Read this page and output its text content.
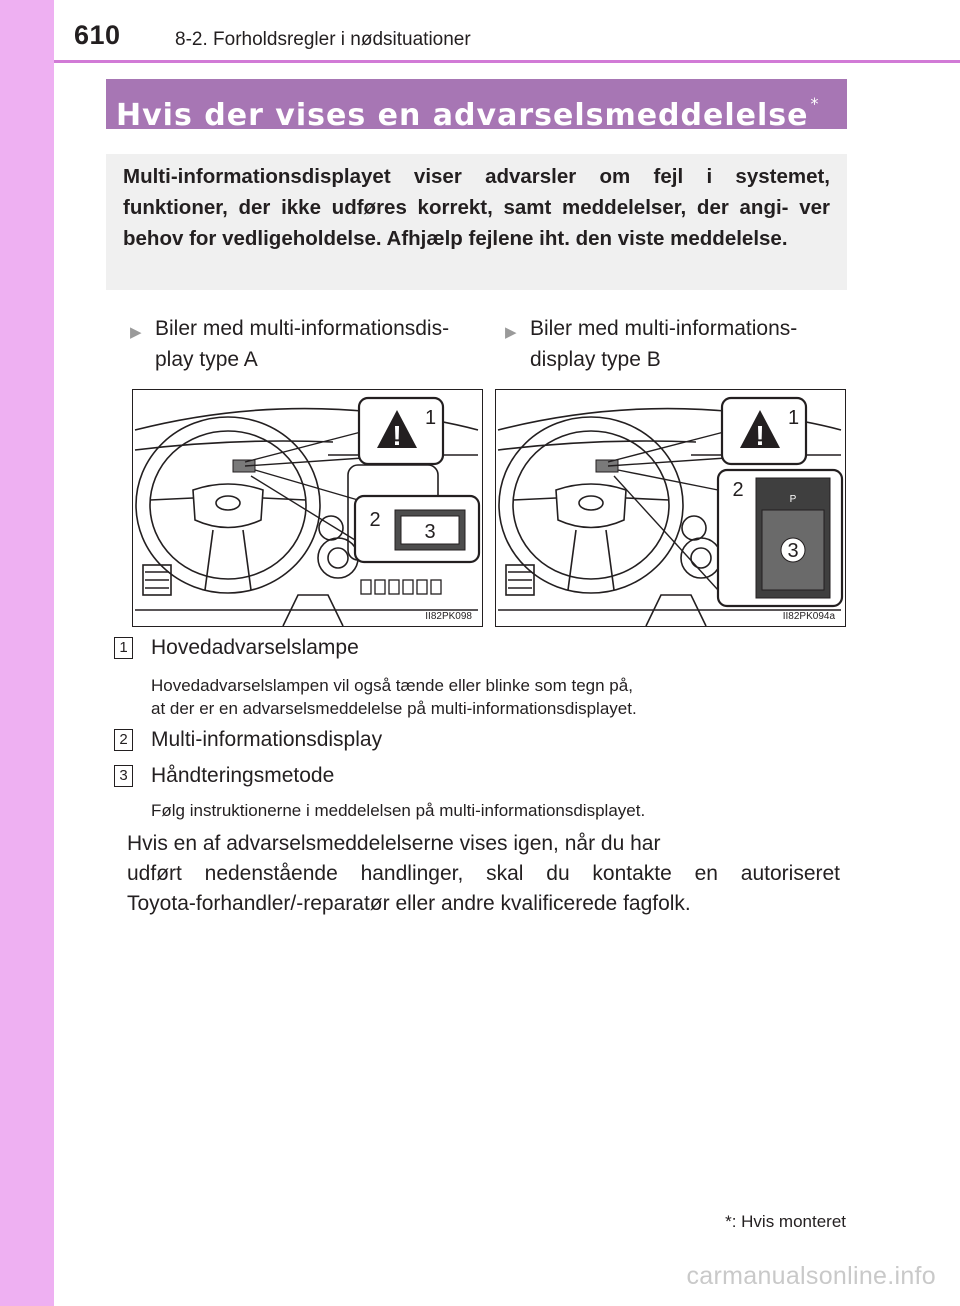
610	8-2. Forholdsregler i nødsituationer
Hvis der vises en advarselsmeddelelse *
Multi-informationsdisplayet viser advarsler om fejl i systemet, funktioner, der ikke udføres korrekt, samt meddelelser, der angi- ver behov for vedligeholdelse. Afhjælp fejlene iht. den viste meddelelse.
▶ Biler med multi-informationsdis-
play type A
▶ Biler med multi-informations-
display type B
!
1
2
3
II82PK098
!
1
P
2
3
II82PK094a
1 Hovedadvarselslampe
Hovedadvarselslampen vil også tænde eller blinke som tegn på,
at der er en advarselsmeddelelse på multi-informationsdisplayet.
2 Multi-informationsdisplay
3 Håndteringsmetode
Følg instruktionerne i meddelelsen på multi-informationsdisplayet.
Hvis en af advarselsmeddelelserne vises igen, når du har
udført nedenstående handlinger, skal du kontakte en autoriseret
Toyota-forhandler/-reparatør eller andre kvalificerede fagfolk.
*: Hvis monteret
carmanualsonline.info
